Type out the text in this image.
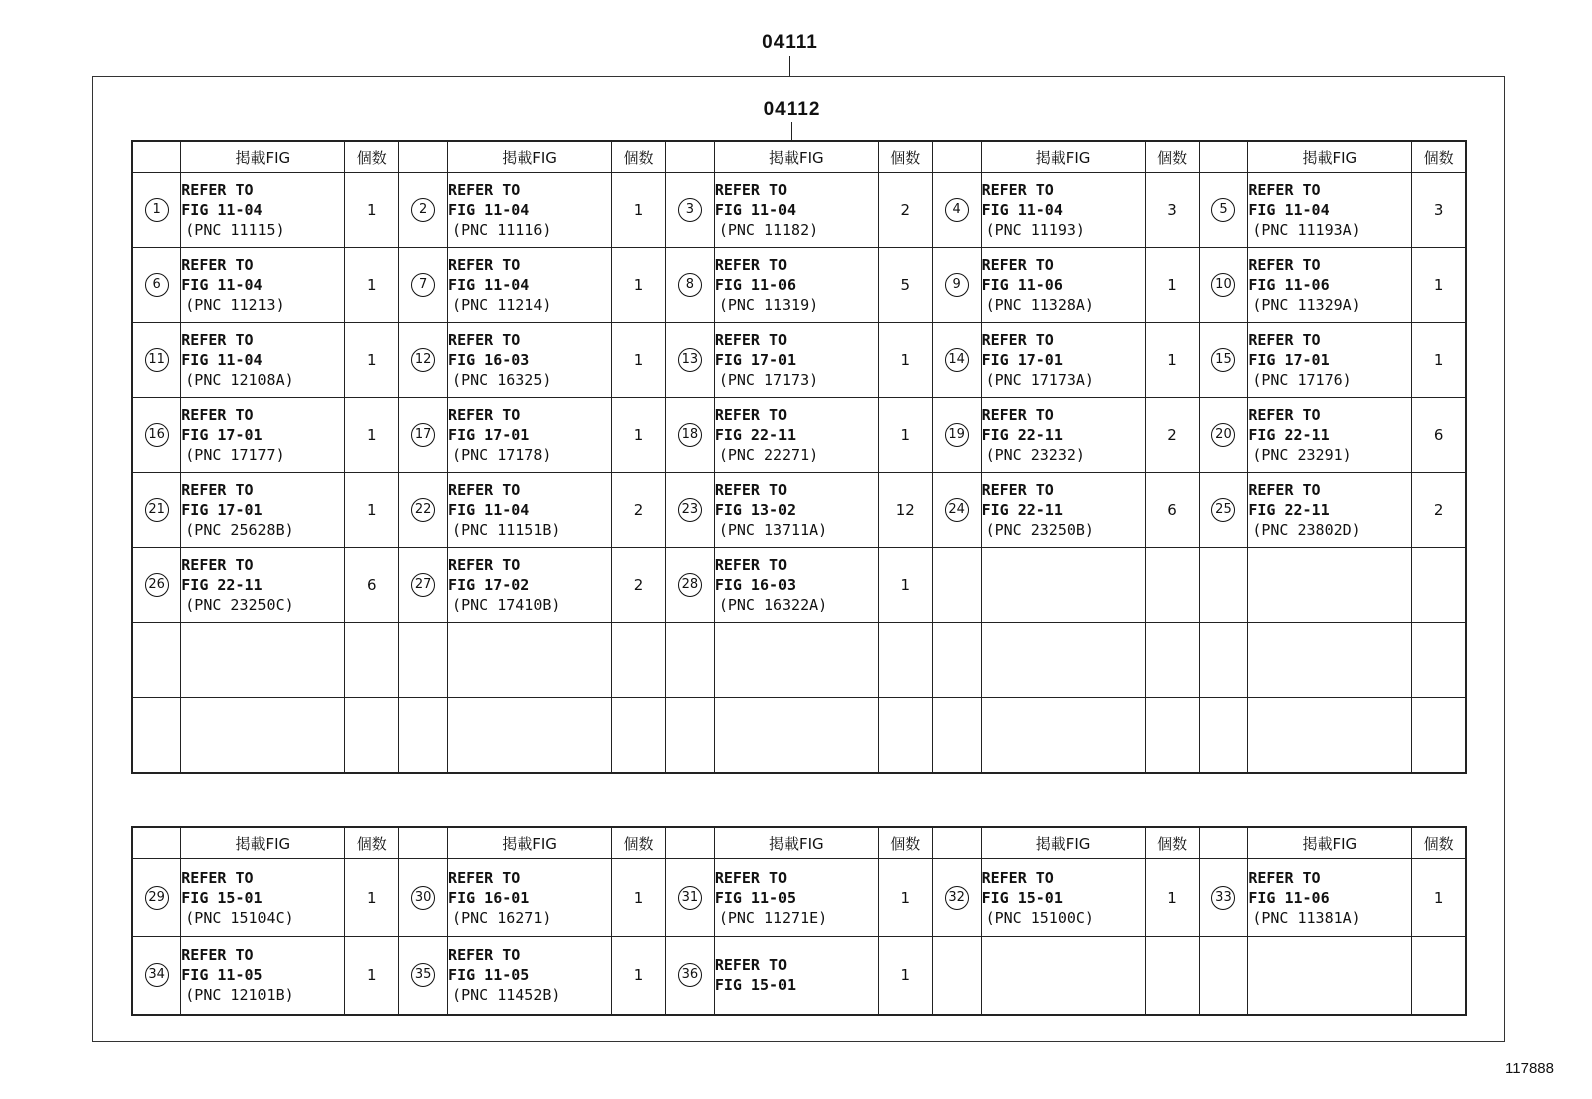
04111
04112
	掲載FIG	個数		掲載FIG	個数		掲載FIG	個数		掲載FIG	個数		掲載FIG	個数
1	REFER TO
FIG 11-04
(PNC 11115)	1	2	REFER TO
FIG 11-04
(PNC 11116)	1	3	REFER TO
FIG 11-04
(PNC 11182)	2	4	REFER TO
FIG 11-04
(PNC 11193)	3	5	REFER TO
FIG 11-04
(PNC 11193A)	3
6	REFER TO
FIG 11-04
(PNC 11213)	1	7	REFER TO
FIG 11-04
(PNC 11214)	1	8	REFER TO
FIG 11-06
(PNC 11319)	5	9	REFER TO
FIG 11-06
(PNC 11328A)	1	10	REFER TO
FIG 11-06
(PNC 11329A)	1
11	REFER TO
FIG 11-04
(PNC 12108A)	1	12	REFER TO
FIG 16-03
(PNC 16325)	1	13	REFER TO
FIG 17-01
(PNC 17173)	1	14	REFER TO
FIG 17-01
(PNC 17173A)	1	15	REFER TO
FIG 17-01
(PNC 17176)	1
16	REFER TO
FIG 17-01
(PNC 17177)	1	17	REFER TO
FIG 17-01
(PNC 17178)	1	18	REFER TO
FIG 22-11
(PNC 22271)	1	19	REFER TO
FIG 22-11
(PNC 23232)	2	20	REFER TO
FIG 22-11
(PNC 23291)	6
21	REFER TO
FIG 17-01
(PNC 25628B)	1	22	REFER TO
FIG 11-04
(PNC 11151B)	2	23	REFER TO
FIG 13-02
(PNC 13711A)	12	24	REFER TO
FIG 22-11
(PNC 23250B)	6	25	REFER TO
FIG 22-11
(PNC 23802D)	2
26	REFER TO
FIG 22-11
(PNC 23250C)	6	27	REFER TO
FIG 17-02
(PNC 17410B)	2	28	REFER TO
FIG 16-03
(PNC 16322A)	1						

	掲載FIG	個数		掲載FIG	個数		掲載FIG	個数		掲載FIG	個数		掲載FIG	個数
29	REFER TO
FIG 15-01
(PNC 15104C)	1	30	REFER TO
FIG 16-01
(PNC 16271)	1	31	REFER TO
FIG 11-05
(PNC 11271E)	1	32	REFER TO
FIG 15-01
(PNC 15100C)	1	33	REFER TO
FIG 11-06
(PNC 11381A)	1
34	REFER TO
FIG 11-05
(PNC 12101B)	1	35	REFER TO
FIG 11-05
(PNC 11452B)	1	36	REFER TO
FIG 15-01	1						
117888
